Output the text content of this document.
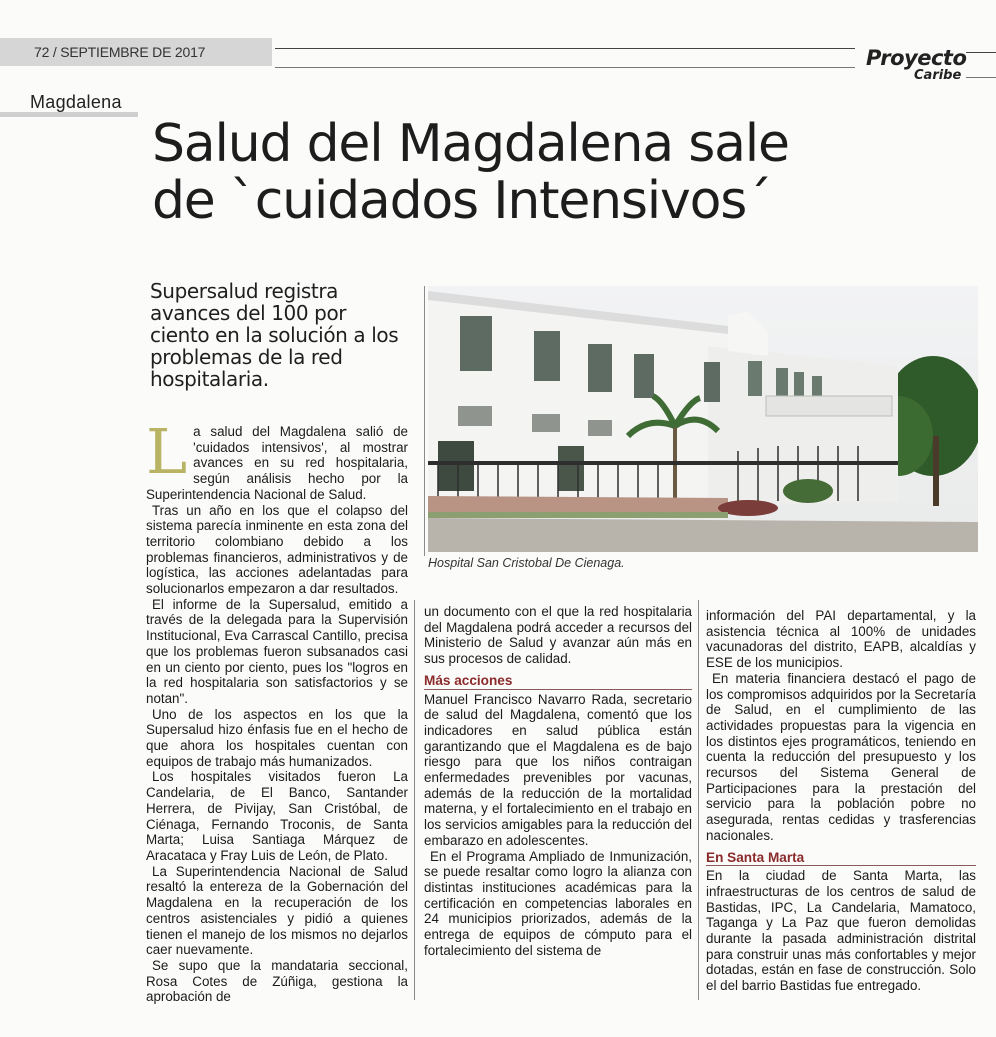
72 / SEPTIEMBRE DE 2017	Proyecto
Caribe
Magdalena
Salud del Magdalena sale
de `cuidados Intensivos´
Supersalud registra avances del 100 por ciento en la solución a los problemas de la red hospitalaria.
Hospital San Cristobal De Cienaga.

La salud del Magdalena salió de 'cuidados intensivos', al mostrar avances en su red hospitalaria, según análisis hecho por la Superintendencia Nacional de Salud.

Tras un año en los que el colapso del sistema parecía inminente en esta zona del territorio colombiano debido a los problemas financieros, administrativos y de logística, las acciones adelantadas para solucionarlos empezaron a dar resultados.

El informe de la Supersalud, emitido a través de la delegada para la Supervisión Institucional, Eva Carrascal Cantillo, precisa que los problemas fueron subsanados casi en un ciento por ciento, pues los "logros en la red hospitalaria son satisfactorios y se notan".

Uno de los aspectos en los que la Supersalud hizo énfasis fue en el hecho de que ahora los hospitales cuentan con equipos de trabajo más humanizados.

Los hospitales visitados fueron La Candelaria, de El Banco, Santander Herrera, de Pivijay, San Cristóbal, de Ciénaga, Fernando Troconis, de Santa Marta; Luisa Santiaga Márquez de Aracataca y Fray Luis de León, de Plato.

La Superintendencia Nacional de Salud resaltó la entereza de la Gobernación del Magdalena en la recuperación de los centros asistenciales y pidió a quienes tienen el manejo de los mismos no dejarlos caer nuevamente.

Se supo que la mandataria seccional, Rosa Cotes de Zúñiga, gestiona la aprobación de

un documento con el que la red hospitalaria del Magdalena podrá acceder a recursos del Ministerio de Salud y avanzar aún más en sus procesos de calidad.

Más acciones

Manuel Francisco Navarro Rada, secretario de salud del Magdalena, comentó que los indicadores en salud pública están garantizando que el Magdalena es de bajo riesgo para que los niños contraigan enfermedades prevenibles por vacunas, además de la reducción de la mortalidad materna, y el fortalecimiento en el trabajo en los servicios amigables para la reducción del embarazo en adolescentes.

En el Programa Ampliado de Inmunización, se puede resaltar como logro la alianza con distintas instituciones académicas para la certificación en competencias laborales en 24 municipios priorizados, además de la entrega de equipos de cómputo para el fortalecimiento del sistema de

información del PAI departamental, y la asistencia técnica al 100% de unidades vacunadoras del distrito, EAPB, alcaldías y ESE de los municipios.

En materia financiera destacó el pago de los compromisos adquiridos por la Secretaría de Salud, en el cumplimiento de las actividades propuestas para la vigencia en los distintos ejes programáticos, teniendo en cuenta la reducción del presupuesto y los recursos del Sistema General de Participaciones para la prestación del servicio para la población pobre no asegurada, rentas cedidas y trasferencias nacionales.

En Santa Marta

En la ciudad de Santa Marta, las infraestructuras de los centros de salud de Bastidas, IPC, La Candelaria, Mamatoco, Taganga y La Paz que fueron demolidas durante la pasada administración distrital para construir unas más confortables y mejor dotadas, están en fase de construcción. Solo el del barrio Bastidas fue entregado.
